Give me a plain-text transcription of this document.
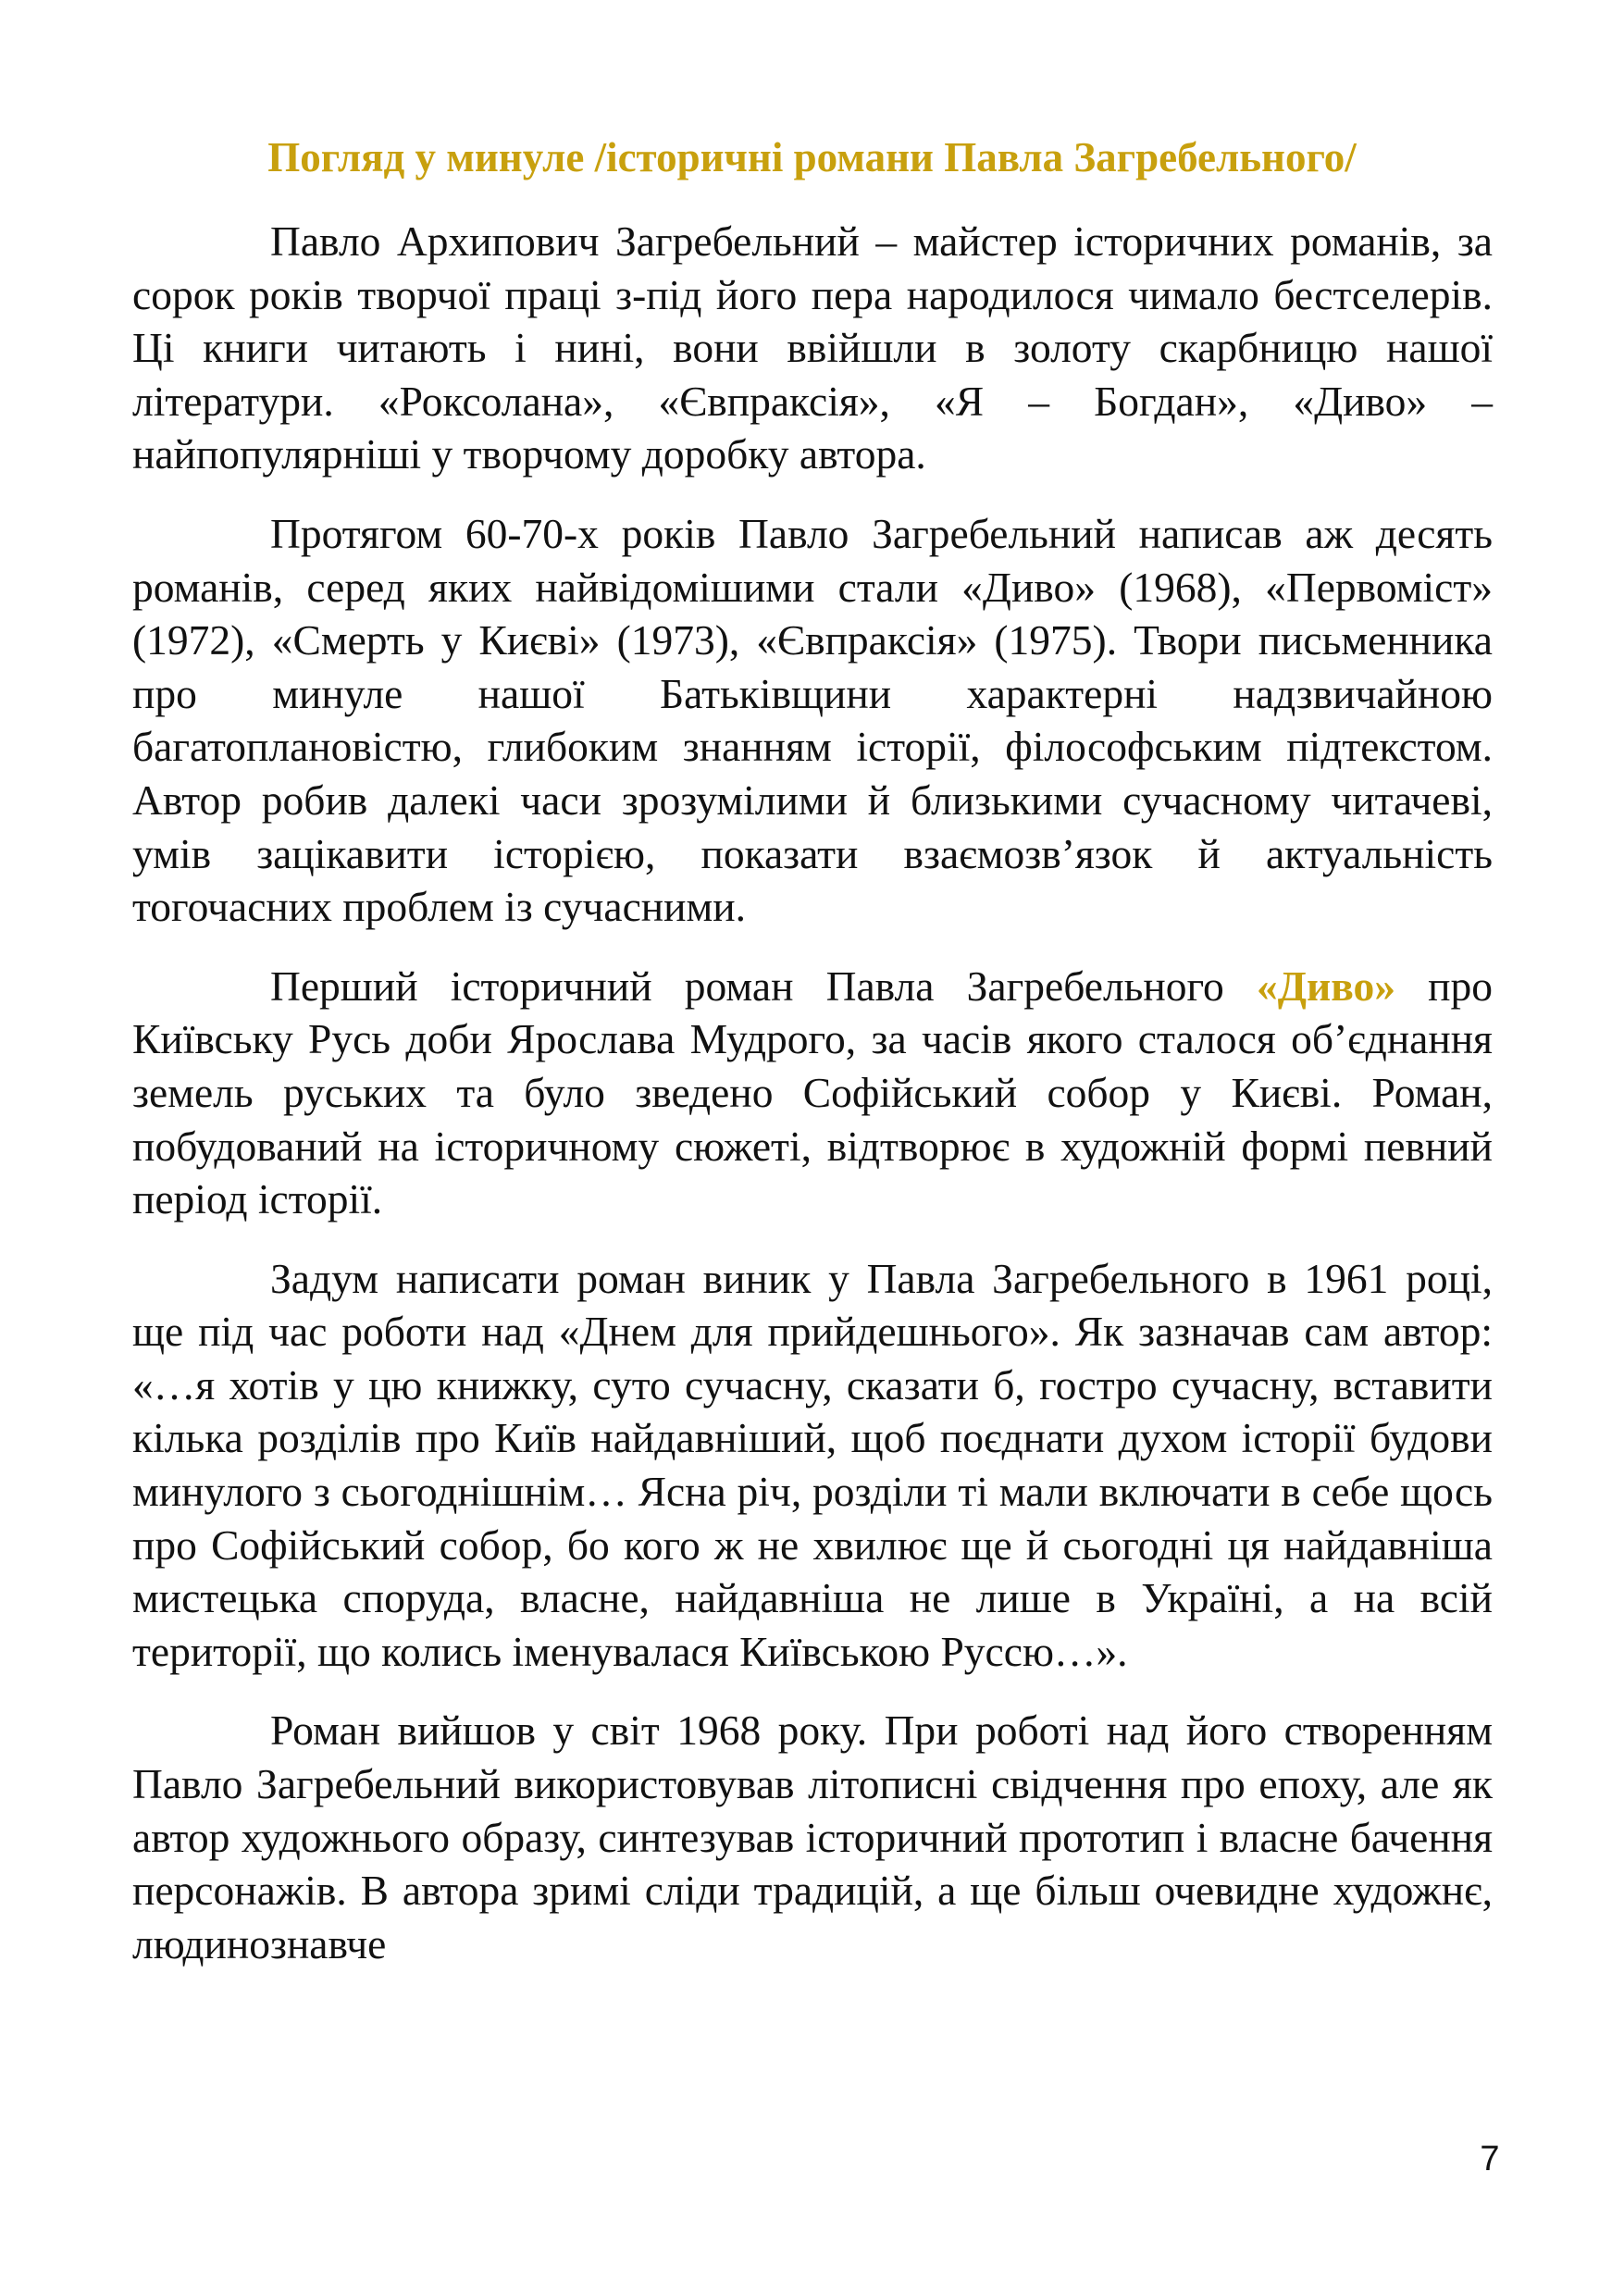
Погляд у минуле /історичні романи Павла Загребельного/

Павло Архипович Загребельний – майстер історичних романів, за сорок років творчої праці з-під його пера народилося чимало бестселерів. Ці книги читають і нині, вони ввійшли в золоту скарбницю нашої літератури. «Роксолана», «Євпраксія», «Я – Богдан», «Диво» – найпопулярніші у творчому доробку автора.

Протягом 60-70-х років Павло Загребельний написав аж десять романів, серед яких найвідомішими стали «Диво» (1968), «Первоміст» (1972), «Смерть у Києві» (1973), «Євпраксія» (1975). Твори письменника про минуле нашої Батьківщини характерні надзвичайною багатоплановістю, глибоким знанням історії, філософським підтекстом. Автор робив далекі часи зрозумілими й близькими сучасному читачеві, умів зацікавити історією, показати взаємозв’язок й актуальність тогочасних проблем із сучасними.

Перший історичний роман Павла Загребельного «Диво» про Київську Русь доби Ярослава Мудрого, за часів якого сталося об’єднання земель руських та було зведено Софійський собор у Києві. Роман, побудований на історичному сюжеті, відтворює в художній формі певний період історії.

Задум написати роман виник у Павла Загребельного в 1961 році, ще під час роботи над «Днем для прийдешнього». Як зазначав сам автор: «…я хотів у цю книжку, суто сучасну, сказати б, гостро сучасну, вставити кілька розділів про Київ найдавніший, щоб поєднати духом історії будови минулого з сьогоднішнім… Ясна річ, розділи ті мали включати в себе щось про Софійський собор, бо кого ж не хвилює ще й сьогодні ця найдавніша мистецька споруда, власне, найдавніша не лише в Україні, а на всій території, що колись іменувалася Київською Руссю…».

Роман вийшов у світ 1968 року. При роботі над його створенням Павло Загребельний використовував літописні свідчення про епоху, але як автор художнього образу, синтезував історичний прототип і власне бачення персонажів. В автора зримі сліди традицій, а ще більш очевидне художнє, людинознавче

7
